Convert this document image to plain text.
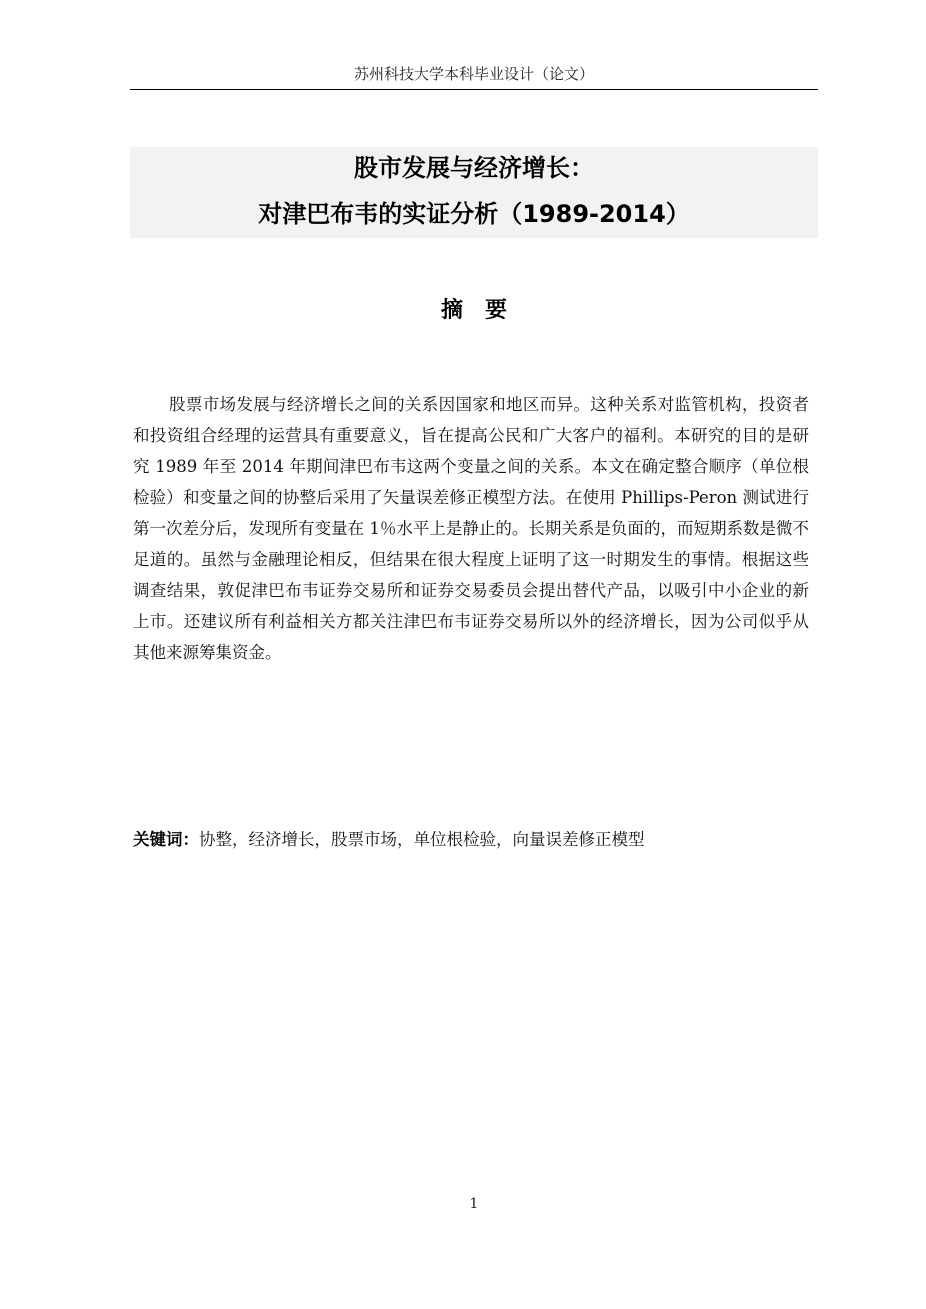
苏州科技大学本科毕业设计（论文）
股市发展与经济增长：
对津巴布韦的实证分析（1989-2014）
摘要

股票市场发展与经济增长之间的关系因国家和地区而异。这种关系对监管机构，投资者和投资组合经理的运营具有重要意义，旨在提高公民和广大客户的福利。本研究的目的是研究 1989 年至 2014 年期间津巴布韦这两个变量之间的关系。本文在确定整合顺序（单位根检验）和变量之间的协整后采用了矢量误差修正模型方法。在使用 Phillips-Peron 测试进行第一次差分后，发现所有变量在 1％水平上是静止的。长期关系是负面的，而短期系数是微不足道的。虽然与金融理论相反，但结果在很大程度上证明了这一时期发生的事情。根据这些调查结果，敦促津巴布韦证券交易所和证券交易委员会提出替代产品，以吸引中小企业的新上市。还建议所有利益相关方都关注津巴布韦证券交易所以外的经济增长，因为公司似乎从其他来源筹集资金。

关键词：协整，经济增长，股票市场，单位根检验，向量误差修正模型
1
